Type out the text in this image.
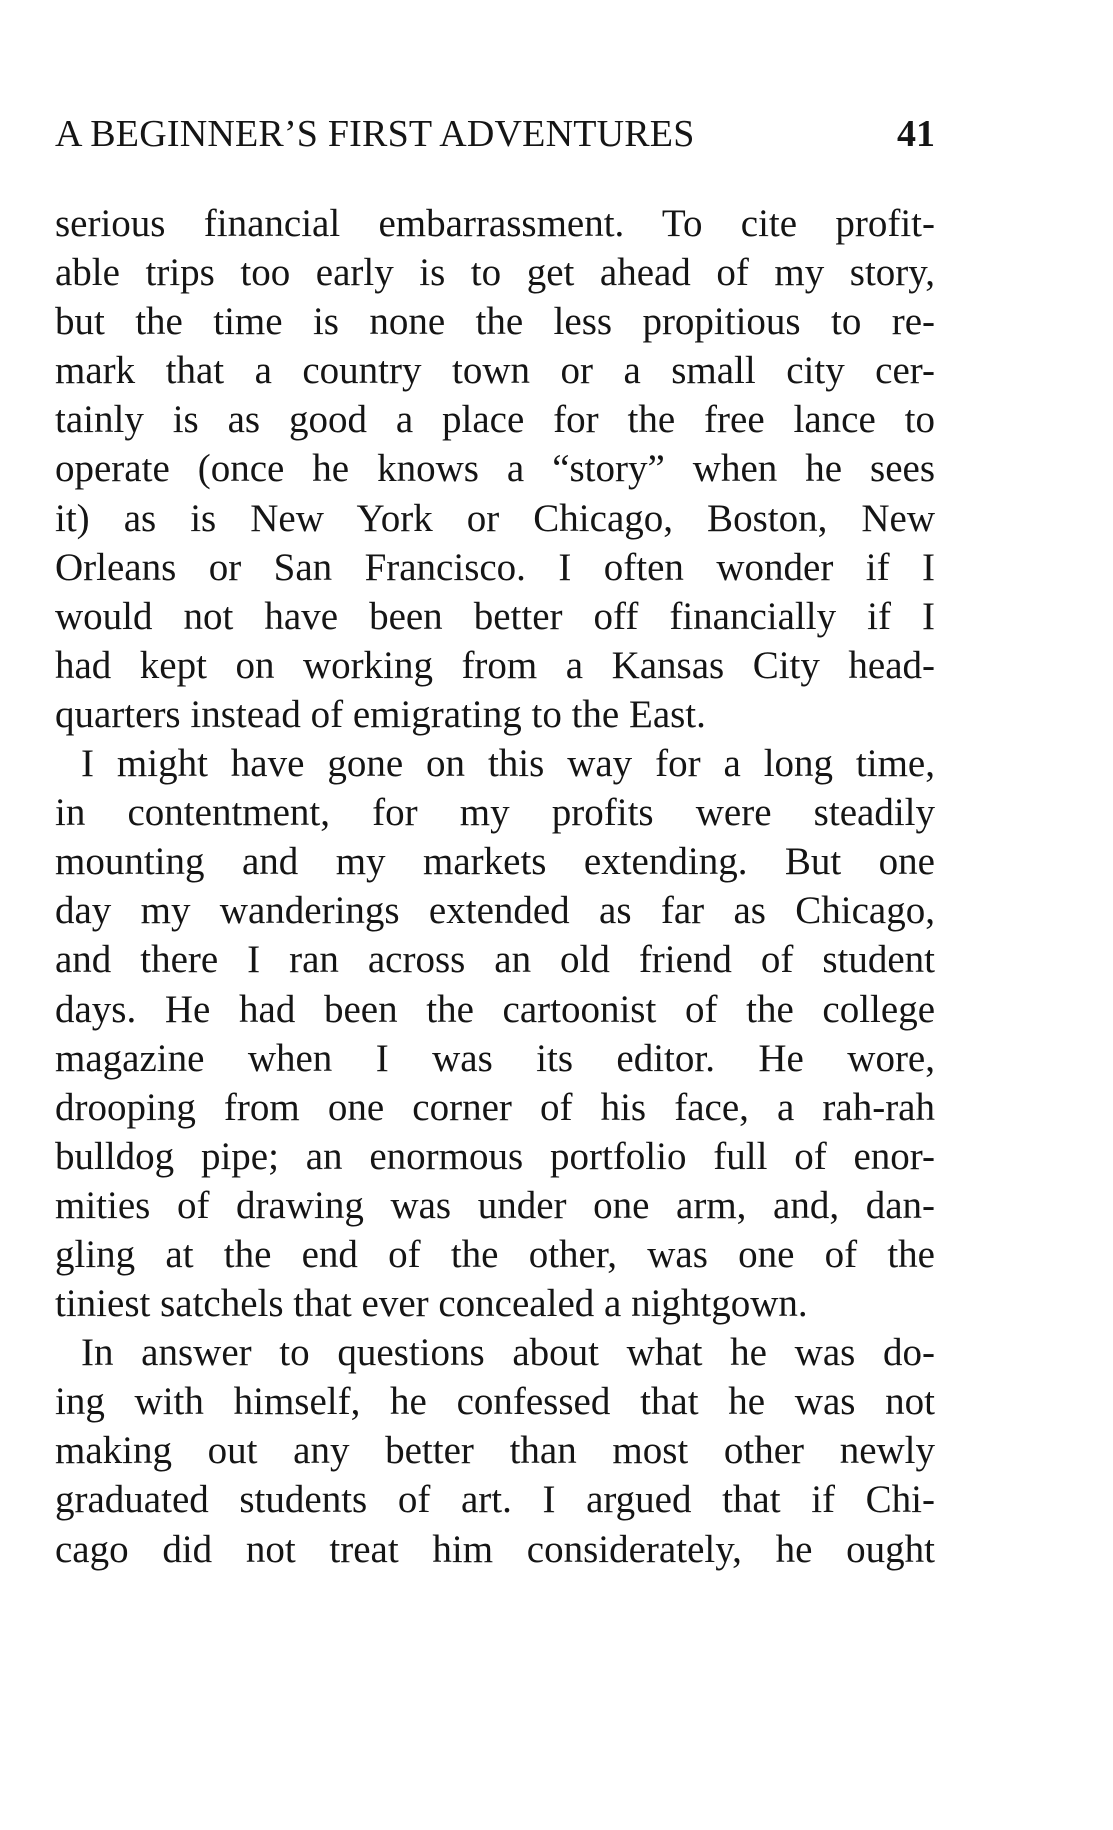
A BEGINNER’S FIRST ADVENTURES	41
serious financial embarrassment. To cite profit-
able trips too early is to get ahead of my story,
but the time is none the less propitious to re-
mark that a country town or a small city cer-
tainly is as good a place for the free lance to
operate (once he knows a “story” when he sees
it) as is New York or Chicago, Boston, New
Orleans or San Francisco. I often wonder if I
would not have been better off financially if I
had kept on working from a Kansas City head-
quarters instead of emigrating to the East.
I might have gone on this way for a long time,
in contentment, for my profits were steadily
mounting and my markets extending. But one
day my wanderings extended as far as Chicago,
and there I ran across an old friend of student
days. He had been the cartoonist of the college
magazine when I was its editor. He wore,
drooping from one corner of his face, a rah-rah
bulldog pipe; an enormous portfolio full of enor-
mities of drawing was under one arm, and, dan-
gling at the end of the other, was one of the
tiniest satchels that ever concealed a nightgown.
In answer to questions about what he was do-
ing with himself, he confessed that he was not
making out any better than most other newly
graduated students of art. I argued that if Chi-
cago did not treat him considerately, he ought
